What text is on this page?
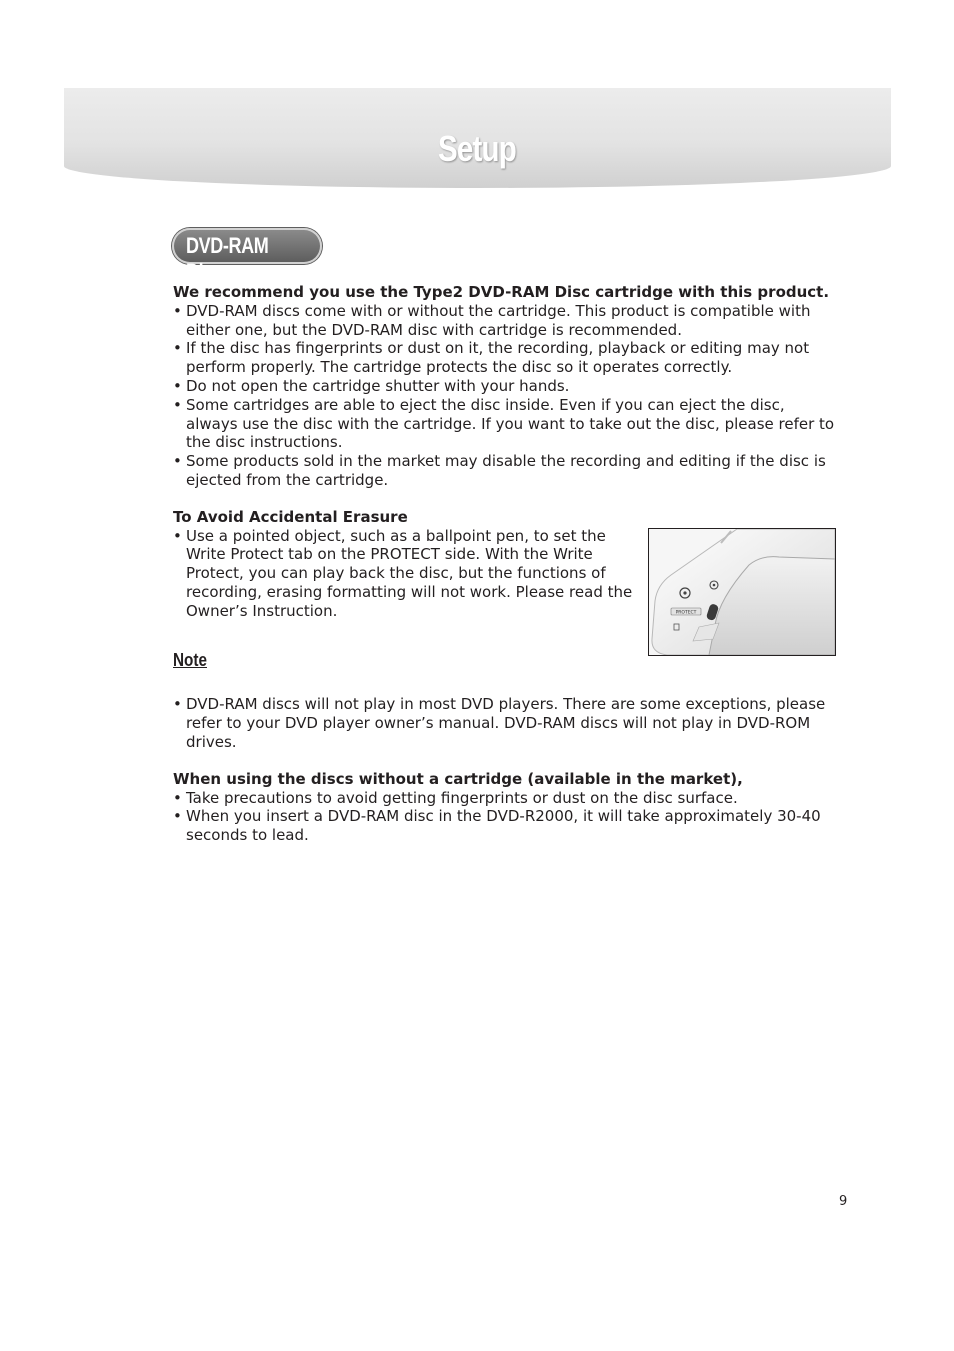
Setup
DVD-RAM Disc

We recommend you use the Type2 DVD-RAM Disc cartridge with this product.

• DVD-RAM discs come with or without the cartridge. This product is compatible with either one, but the DVD-RAM disc with cartridge is recommended.
• If the disc has fingerprints or dust on it, the recording, playback or editing may not perform properly. The cartridge protects the disc so it operates correctly.
• Do not open the cartridge shutter with your hands.
• Some cartridges are able to eject the disc inside. Even if you can eject the disc, always use the disc with the cartridge. If you want to take out the disc, please refer to the disc instructions.
• Some products sold in the market may disable the recording and editing if the disc is ejected from the cartridge.

To Avoid Accidental Erasure

• Use a pointed object, such as a ballpoint pen, to set the Write Protect tab on the PROTECT side. With the Write Protect, you can play back the disc, but the functions of recording, erasing formatting will not work. Please read the Owner’s Instruction.
Note
• DVD-RAM discs will not play in most DVD players. There are some exceptions, please refer to your DVD player owner’s manual. DVD-RAM discs will not play in DVD-ROM drives.

When using the discs without a cartridge (available in the market),

• Take precautions to avoid getting fingerprints or dust on the disc surface.
• When you insert a DVD-RAM disc in the DVD-R2000, it will take approximately 30-40 seconds to lead.
PROTECT
9
